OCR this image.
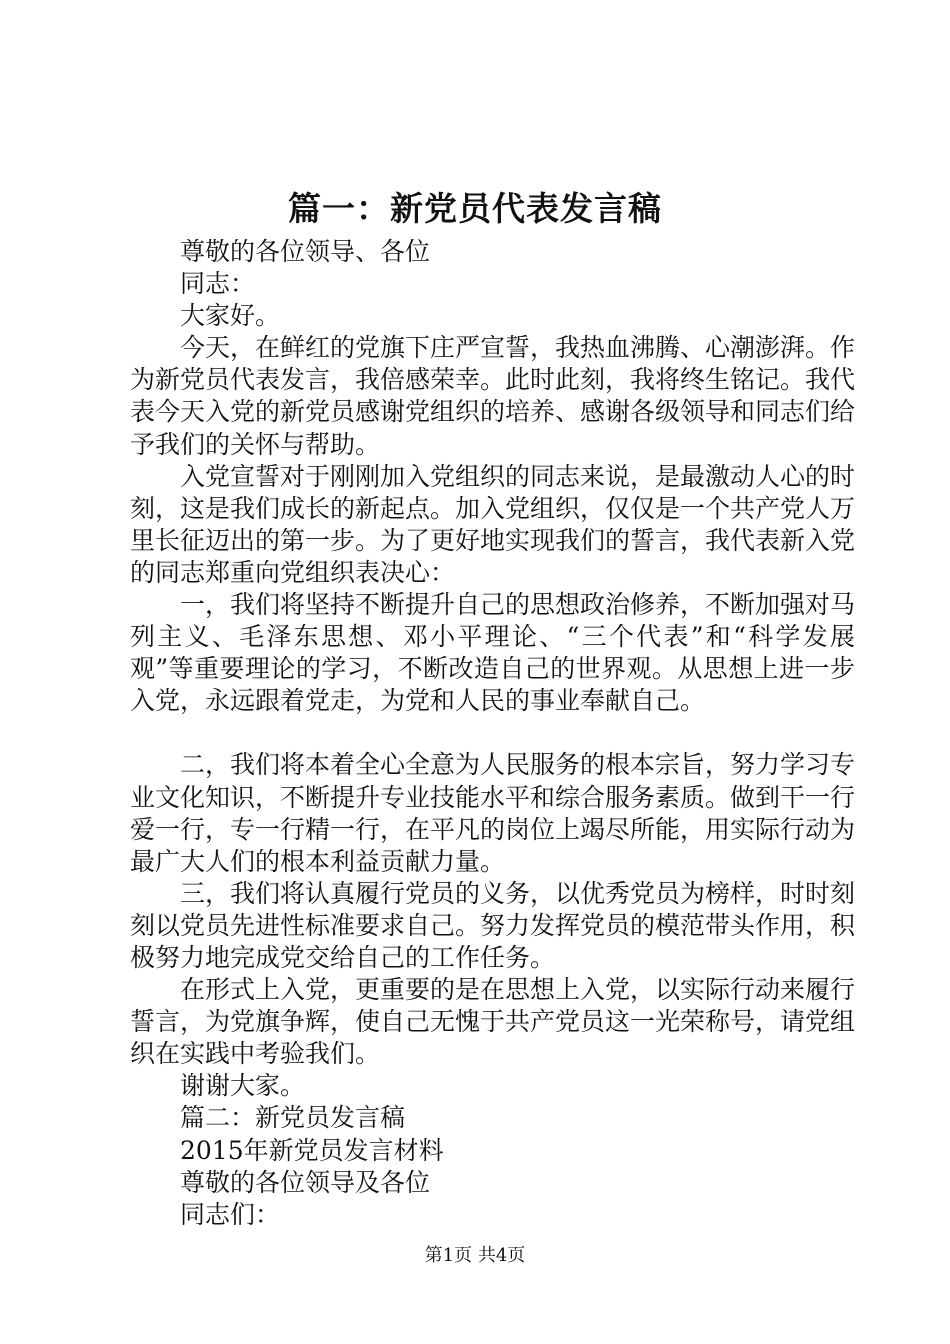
篇一：新党员代表发言稿

尊敬的各位领导、各位

同志：

大家好。

今天，在鲜红的党旗下庄严宣誓，我热血沸腾、心潮澎湃。作为新党员代表发言，我倍感荣幸。此时此刻，我将终生铭记。我代表今天入党的新党员感谢党组织的培养、感谢各级领导和同志们给予我们的关怀与帮助。

入党宣誓对于刚刚加入党组织的同志来说，是最激动人心的时刻，这是我们成长的新起点。加入党组织，仅仅是一个共产党人万里长征迈出的第一步。为了更好地实现我们的誓言，我代表新入党的同志郑重向党组织表决心：

一，我们将坚持不断提升自己的思想政治修养，不断加强对马列主义、毛泽东思想、邓小平理论、“三个代表”和“科学发展观”等重要理论的学习，不断改造自己的世界观。从思想上进一步入党，永远跟着党走，为党和人民的事业奉献自己。

二，我们将本着全心全意为人民服务的根本宗旨，努力学习专业文化知识，不断提升专业技能水平和综合服务素质。做到干一行爱一行，专一行精一行，在平凡的岗位上竭尽所能，用实际行动为最广大人们的根本利益贡献力量。

三，我们将认真履行党员的义务，以优秀党员为榜样，时时刻刻以党员先进性标准要求自己。努力发挥党员的模范带头作用，积极努力地完成党交给自己的工作任务。

在形式上入党，更重要的是在思想上入党，以实际行动来履行誓言，为党旗争辉，使自己无愧于共产党员这一光荣称号，请党组织在实践中考验我们。

谢谢大家。

篇二：新党员发言稿

2015年新党员发言材料

尊敬的各位领导及各位

同志们：

第1页 共4页
